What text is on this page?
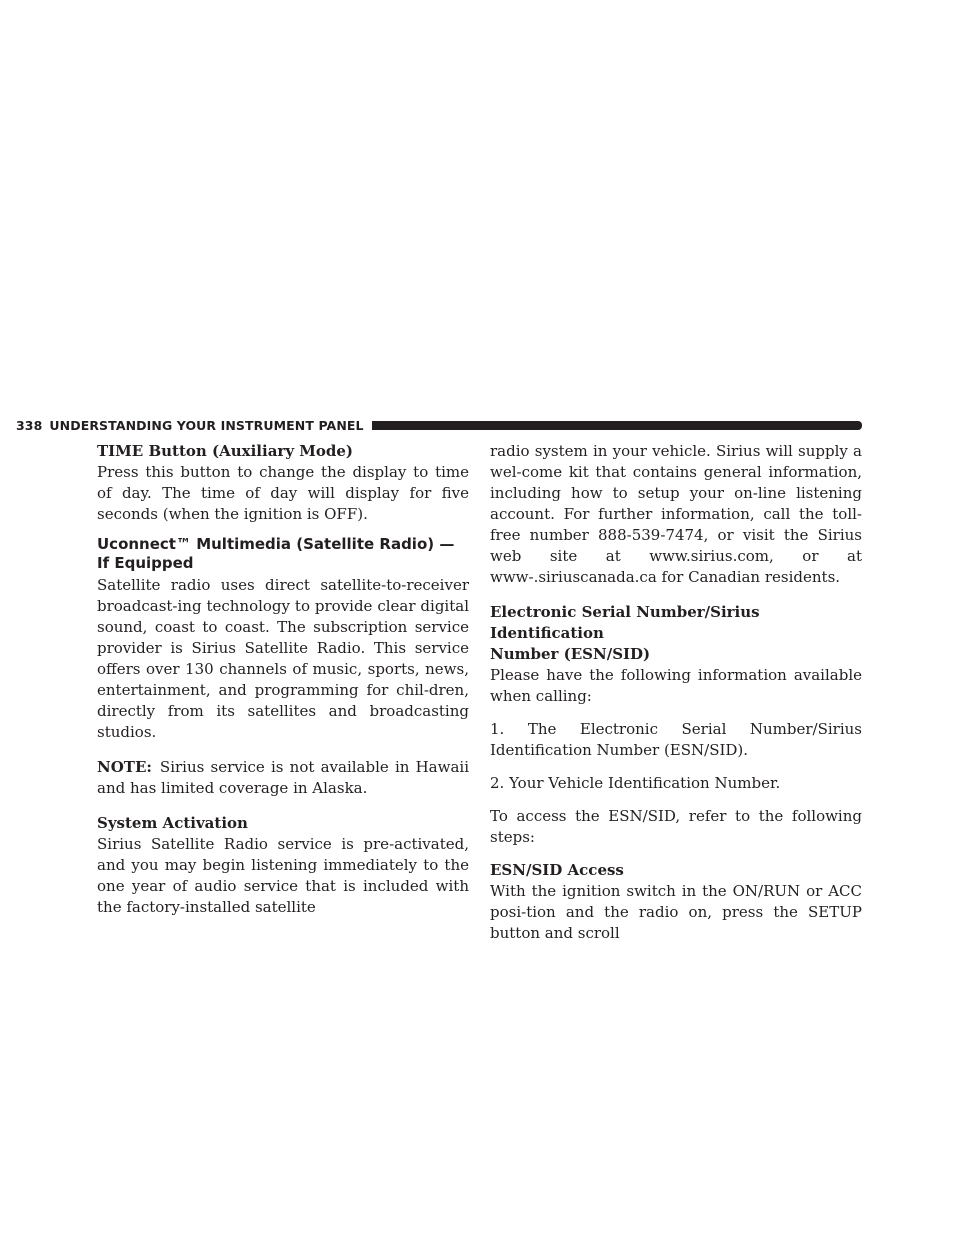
338 UNDERSTANDING YOUR INSTRUMENT PANEL
TIME Button (Auxiliary Mode)

Press this button to change the display to time of day. The time of day will display for five seconds (when the ignition is OFF).

Uconnect™ Multimedia (Satellite Radio) —
If Equipped

Satellite radio uses direct satellite-to-receiver broadcast-ing technology to provide clear digital sound, coast to coast. The subscription service provider is Sirius Satellite Radio. This service offers over 130 channels of music, sports, news, entertainment, and programming for chil-dren, directly from its satellites and broadcasting studios.

NOTE: Sirius service is not available in Hawaii and has limited coverage in Alaska.

System Activation

Sirius Satellite Radio service is pre-activated, and you may begin listening immediately to the one year of audio service that is included with the factory-installed satellite

radio system in your vehicle. Sirius will supply a wel-come kit that contains general information, including how to setup your on-line listening account. For further information, call the toll-free number 888-539-7474, or visit the Sirius web site at www.sirius.com, or at www-.siriuscanada.ca for Canadian residents.

Electronic Serial Number/Sirius Identification
Number (ESN/SID)

Please have the following information available when calling:

1. The Electronic Serial Number/Sirius Identification Number (ESN/SID).

2. Your Vehicle Identification Number.

To access the ESN/SID, refer to the following steps:

ESN/SID Access

With the ignition switch in the ON/RUN or ACC posi-tion and the radio on, press the SETUP button and scroll
